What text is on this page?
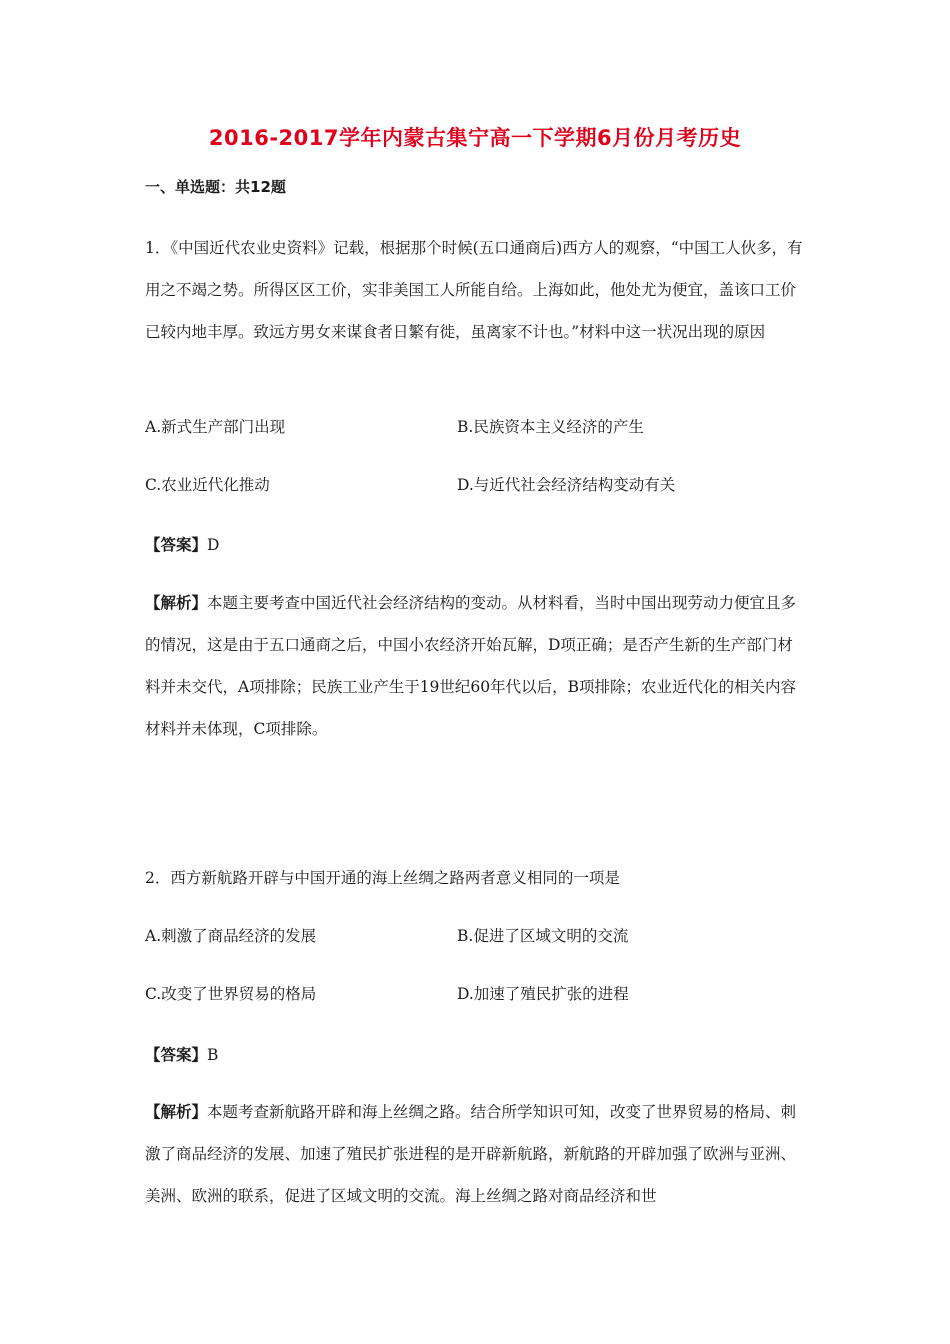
2016-2017学年内蒙古集宁高一下学期6月份月考历史
一、单选题：共12题
1．《中国近代农业史资料》记载，根据那个时候(五口通商后)西方人的观察，“中国工人伙多，有用之不竭之势。所得区区工价，实非美国工人所能自给。上海如此，他处尤为便宜，盖该口工价已较内地丰厚。致远方男女来谋食者日繁有徙，虽离家不计也。”材料中这一状况出现的原因
A.新式生产部门出现	B.民族资本主义经济的产生
C.农业近代化推动	D.与近代社会经济结构变动有关
【答案】D
【解析】本题主要考查中国近代社会经济结构的变动。从材料看，当时中国出现劳动力便宜且多的情况，这是由于五口通商之后，中国小农经济开始瓦解，D项正确；是否产生新的生产部门材料并未交代，A项排除；民族工业产生于19世纪60年代以后，B项排除；农业近代化的相关内容材料并未体现，C项排除。
2．西方新航路开辟与中国开通的海上丝绸之路两者意义相同的一项是
A.刺激了商品经济的发展	B.促进了区域文明的交流
C.改变了世界贸易的格局	D.加速了殖民扩张的进程
【答案】B
【解析】本题考查新航路开辟和海上丝绸之路。结合所学知识可知，改变了世界贸易的格局、刺激了商品经济的发展、加速了殖民扩张进程的是开辟新航路，新航路的开辟加强了欧洲与亚洲、美洲、欧洲的联系，促进了区域文明的交流。海上丝绸之路对商品经济和世
